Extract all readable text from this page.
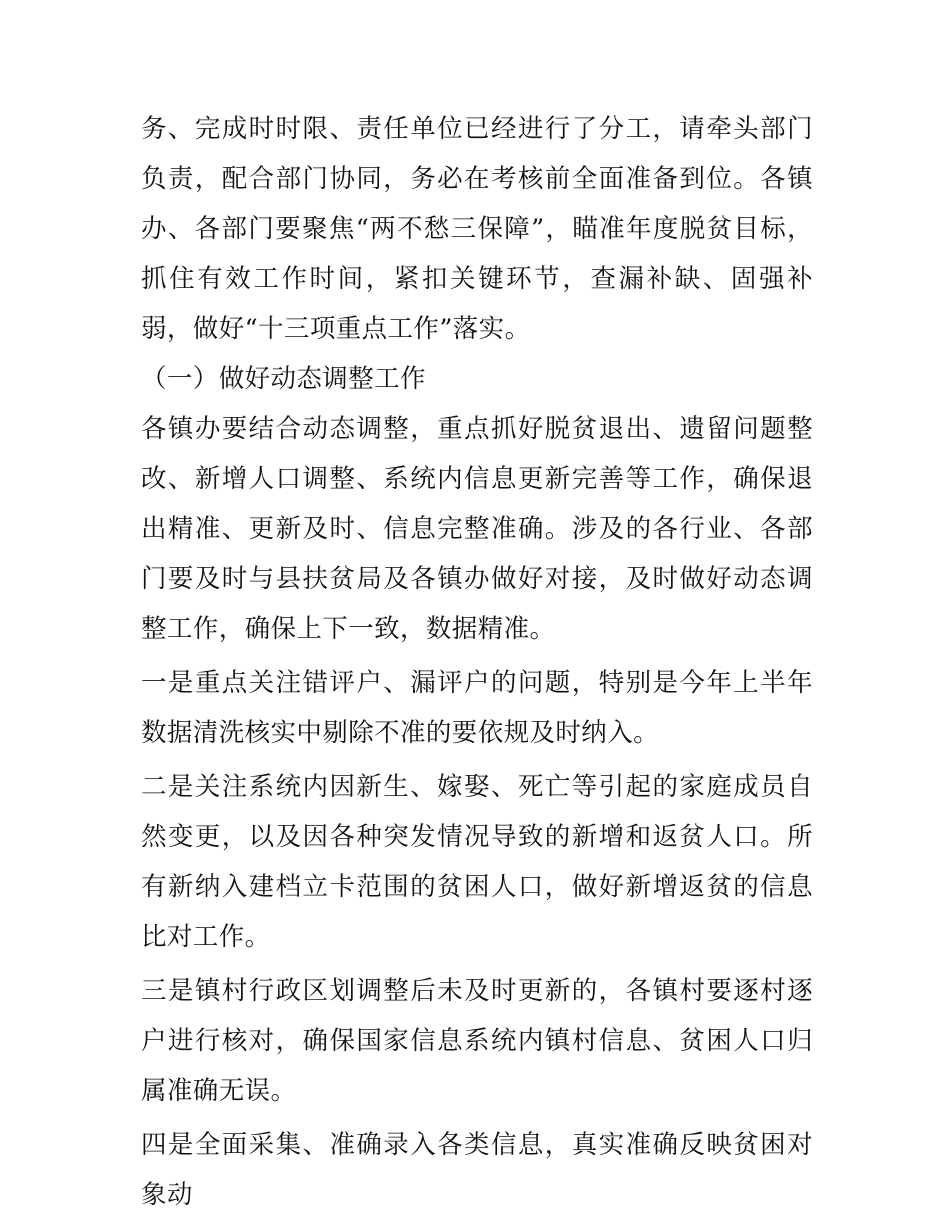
务、完成时时限、责任单位已经进行了分工，请牵头部门负责，配合部门协同，务必在考核前全面准备到位。各镇办、各部门要聚焦“两不愁三保障”，瞄准年度脱贫目标，抓住有效工作时间，紧扣关键环节，查漏补缺、固强补弱，做好“十三项重点工作”落实。

（一）做好动态调整工作

各镇办要结合动态调整，重点抓好脱贫退出、遗留问题整改、新增人口调整、系统内信息更新完善等工作，确保退出精准、更新及时、信息完整准确。涉及的各行业、各部门要及时与县扶贫局及各镇办做好对接，及时做好动态调整工作，确保上下一致，数据精准。

一是重点关注错评户、漏评户的问题，特别是今年上半年数据清洗核实中剔除不准的要依规及时纳入。

二是关注系统内因新生、嫁娶、死亡等引起的家庭成员自然变更，以及因各种突发情况导致的新增和返贫人口。所有新纳入建档立卡范围的贫困人口，做好新增返贫的信息比对工作。

三是镇村行政区划调整后未及时更新的，各镇村要逐村逐户进行核对，确保国家信息系统内镇村信息、贫困人口归属准确无误。

四是全面采集、准确录入各类信息，真实准确反映贫困对象动
